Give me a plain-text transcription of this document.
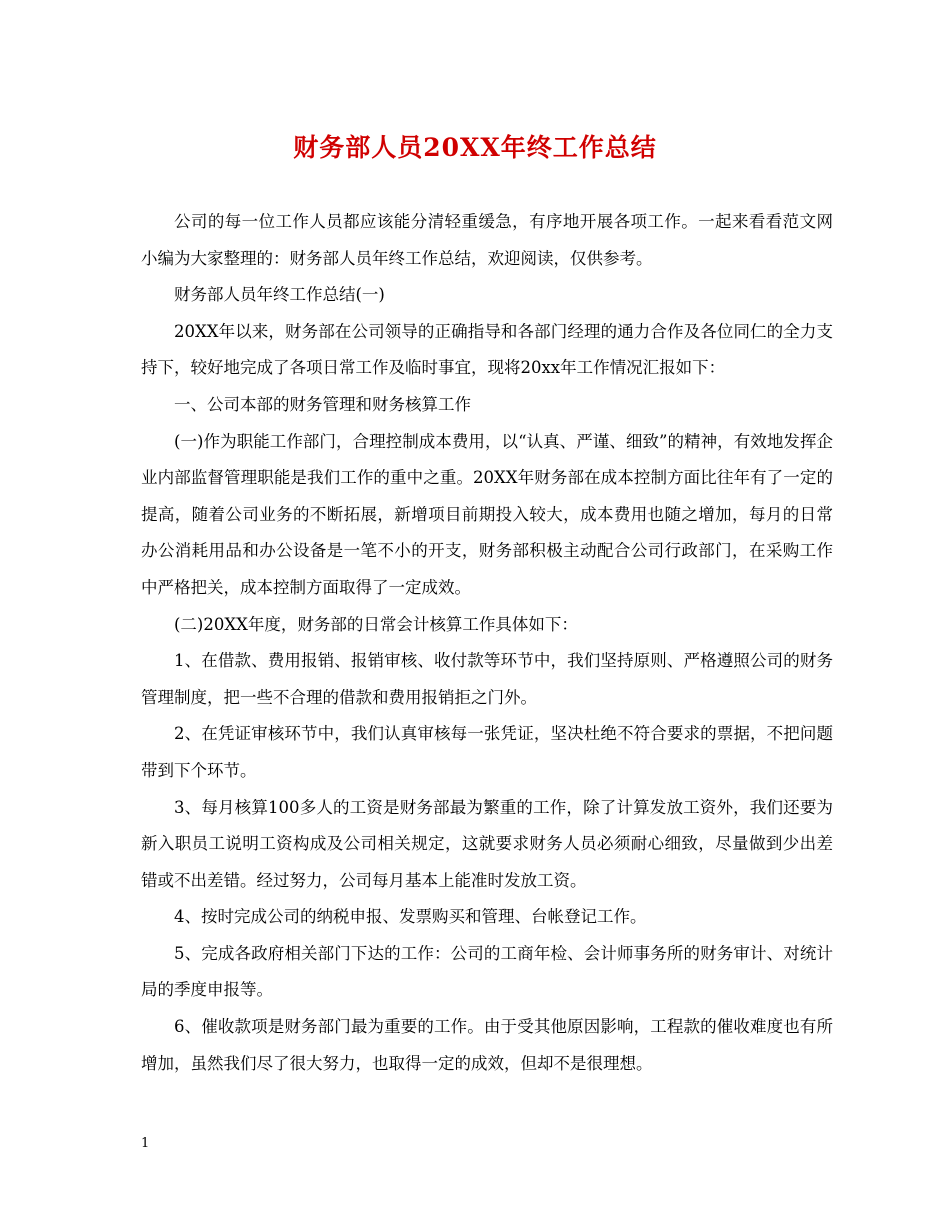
财务部人员20XX年终工作总结

公司的每一位工作人员都应该能分清轻重缓急，有序地开展各项工作。一起来看看范文网小编为大家整理的：财务部人员年终工作总结，欢迎阅读，仅供参考。

财务部人员年终工作总结(一)

20XX年以来，财务部在公司领导的正确指导和各部门经理的通力合作及各位同仁的全力支持下，较好地完成了各项日常工作及临时事宜，现将20xx年工作情况汇报如下：

一、公司本部的财务管理和财务核算工作

(一)作为职能工作部门，合理控制成本费用，以“认真、严谨、细致”的精神，有效地发挥企业内部监督管理职能是我们工作的重中之重。20XX年财务部在成本控制方面比往年有了一定的提高，随着公司业务的不断拓展，新增项目前期投入较大，成本费用也随之增加，每月的日常办公消耗用品和办公设备是一笔不小的开支，财务部积极主动配合公司行政部门，在采购工作中严格把关，成本控制方面取得了一定成效。

(二)20XX年度，财务部的日常会计核算工作具体如下：

1、在借款、费用报销、报销审核、收付款等环节中，我们坚持原则、严格遵照公司的财务管理制度，把一些不合理的借款和费用报销拒之门外。

2、在凭证审核环节中，我们认真审核每一张凭证，坚决杜绝不符合要求的票据，不把问题带到下个环节。

3、每月核算100多人的工资是财务部最为繁重的工作，除了计算发放工资外，我们还要为新入职员工说明工资构成及公司相关规定，这就要求财务人员必须耐心细致，尽量做到少出差错或不出差错。经过努力，公司每月基本上能准时发放工资。

4、按时完成公司的纳税申报、发票购买和管理、台帐登记工作。

5、完成各政府相关部门下达的工作：公司的工商年检、会计师事务所的财务审计、对统计局的季度申报等。

6、催收款项是财务部门最为重要的工作。由于受其他原因影响，工程款的催收难度也有所增加，虽然我们尽了很大努力，也取得一定的成效，但却不是很理想。

1
